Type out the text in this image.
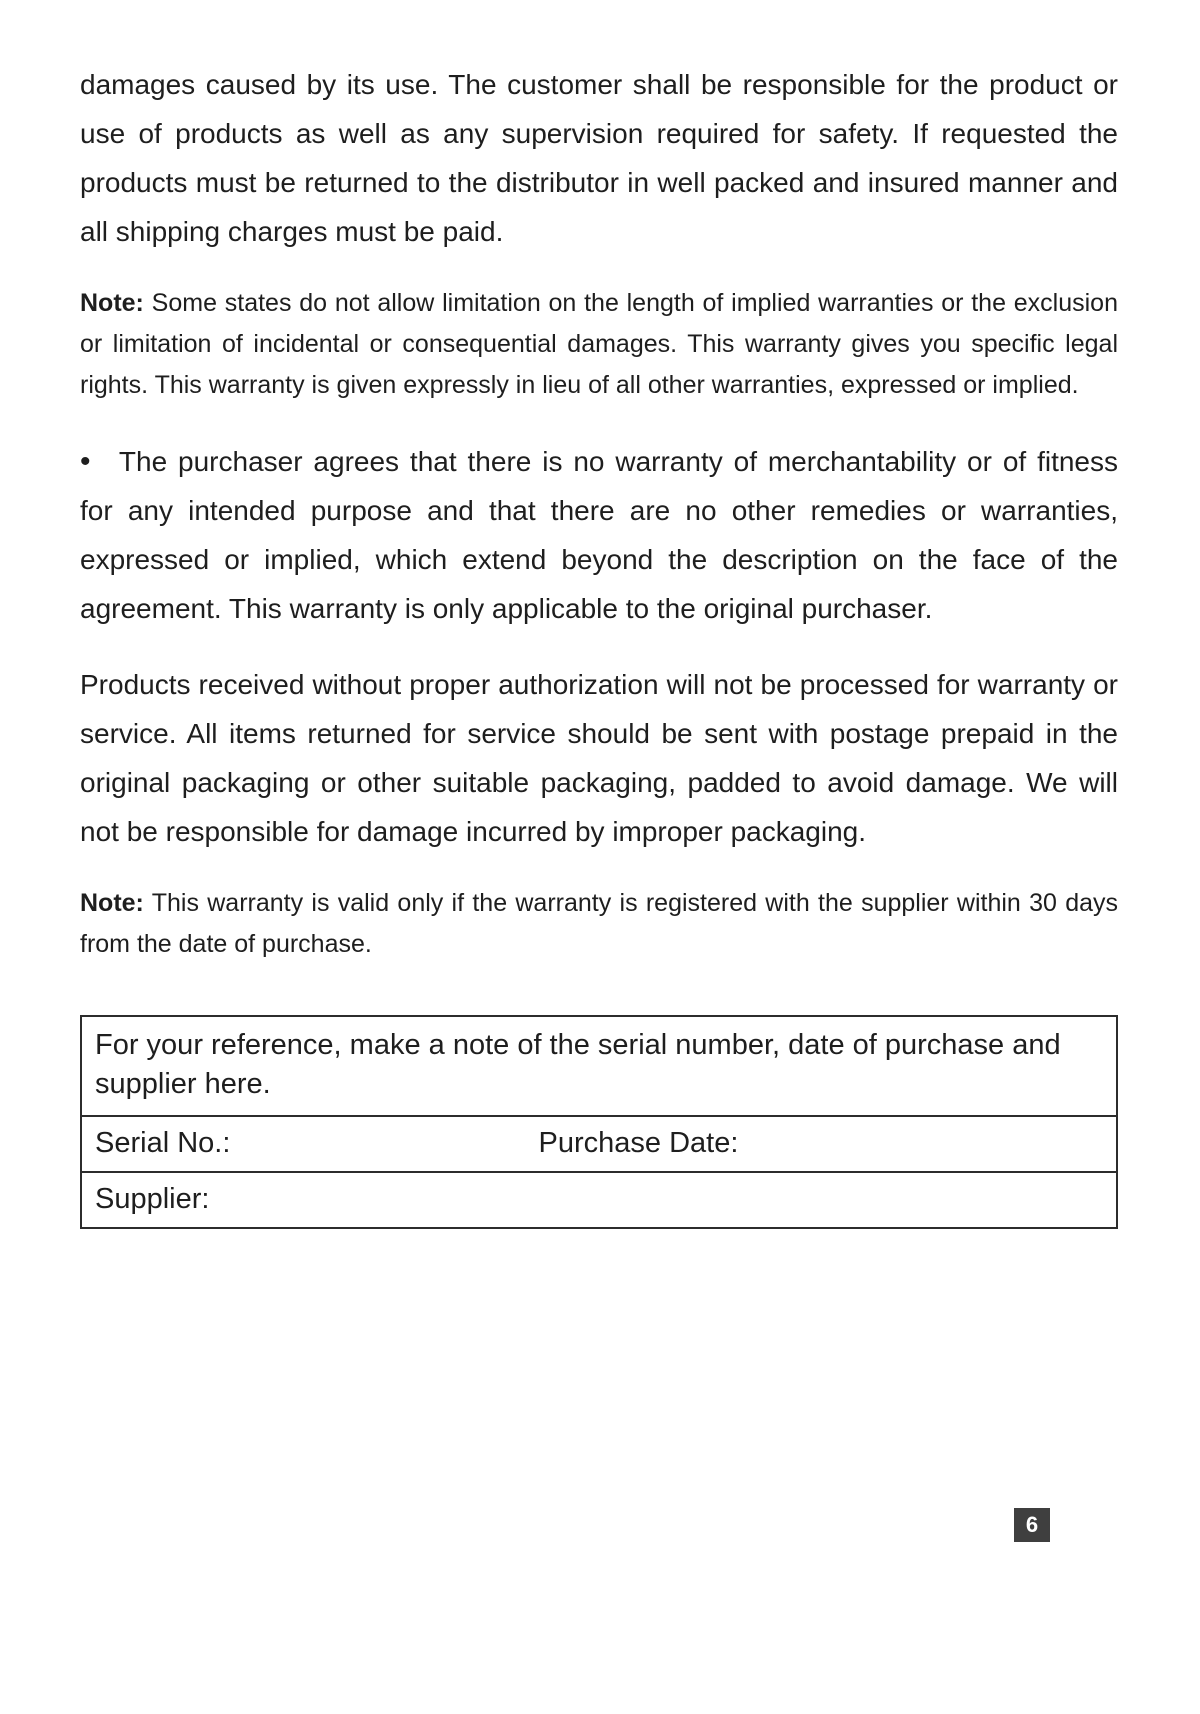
damages caused by its use. The customer shall be responsible for the product or use of products as well as any supervision required for safety. If requested the products must be returned to the distributor in well packed and insured manner and all shipping charges must be paid.

Note: Some states do not allow limitation on the length of implied warranties or the exclusion or limitation of incidental or consequential damages. This warranty gives you specific legal rights. This warranty is given expressly in lieu of all other warranties, expressed or implied.

• The purchaser agrees that there is no warranty of merchantability or of fitness for any intended purpose and that there are no other remedies or warranties, expressed or implied, which extend beyond the description on the face of the agreement. This warranty is only applicable to the original purchaser.

Products received without proper authorization will not be processed for warranty or service. All items returned for service should be sent with postage prepaid in the original packaging or other suitable packaging, padded to avoid damage. We will not be responsible for damage incurred by improper packaging.

Note: This warranty is valid only if the warranty is registered with the supplier within 30 days from the date of purchase.

For your reference, make a note of the serial number, date of purchase and supplier here.
Serial No.:	Purchase Date:
Supplier:
6
